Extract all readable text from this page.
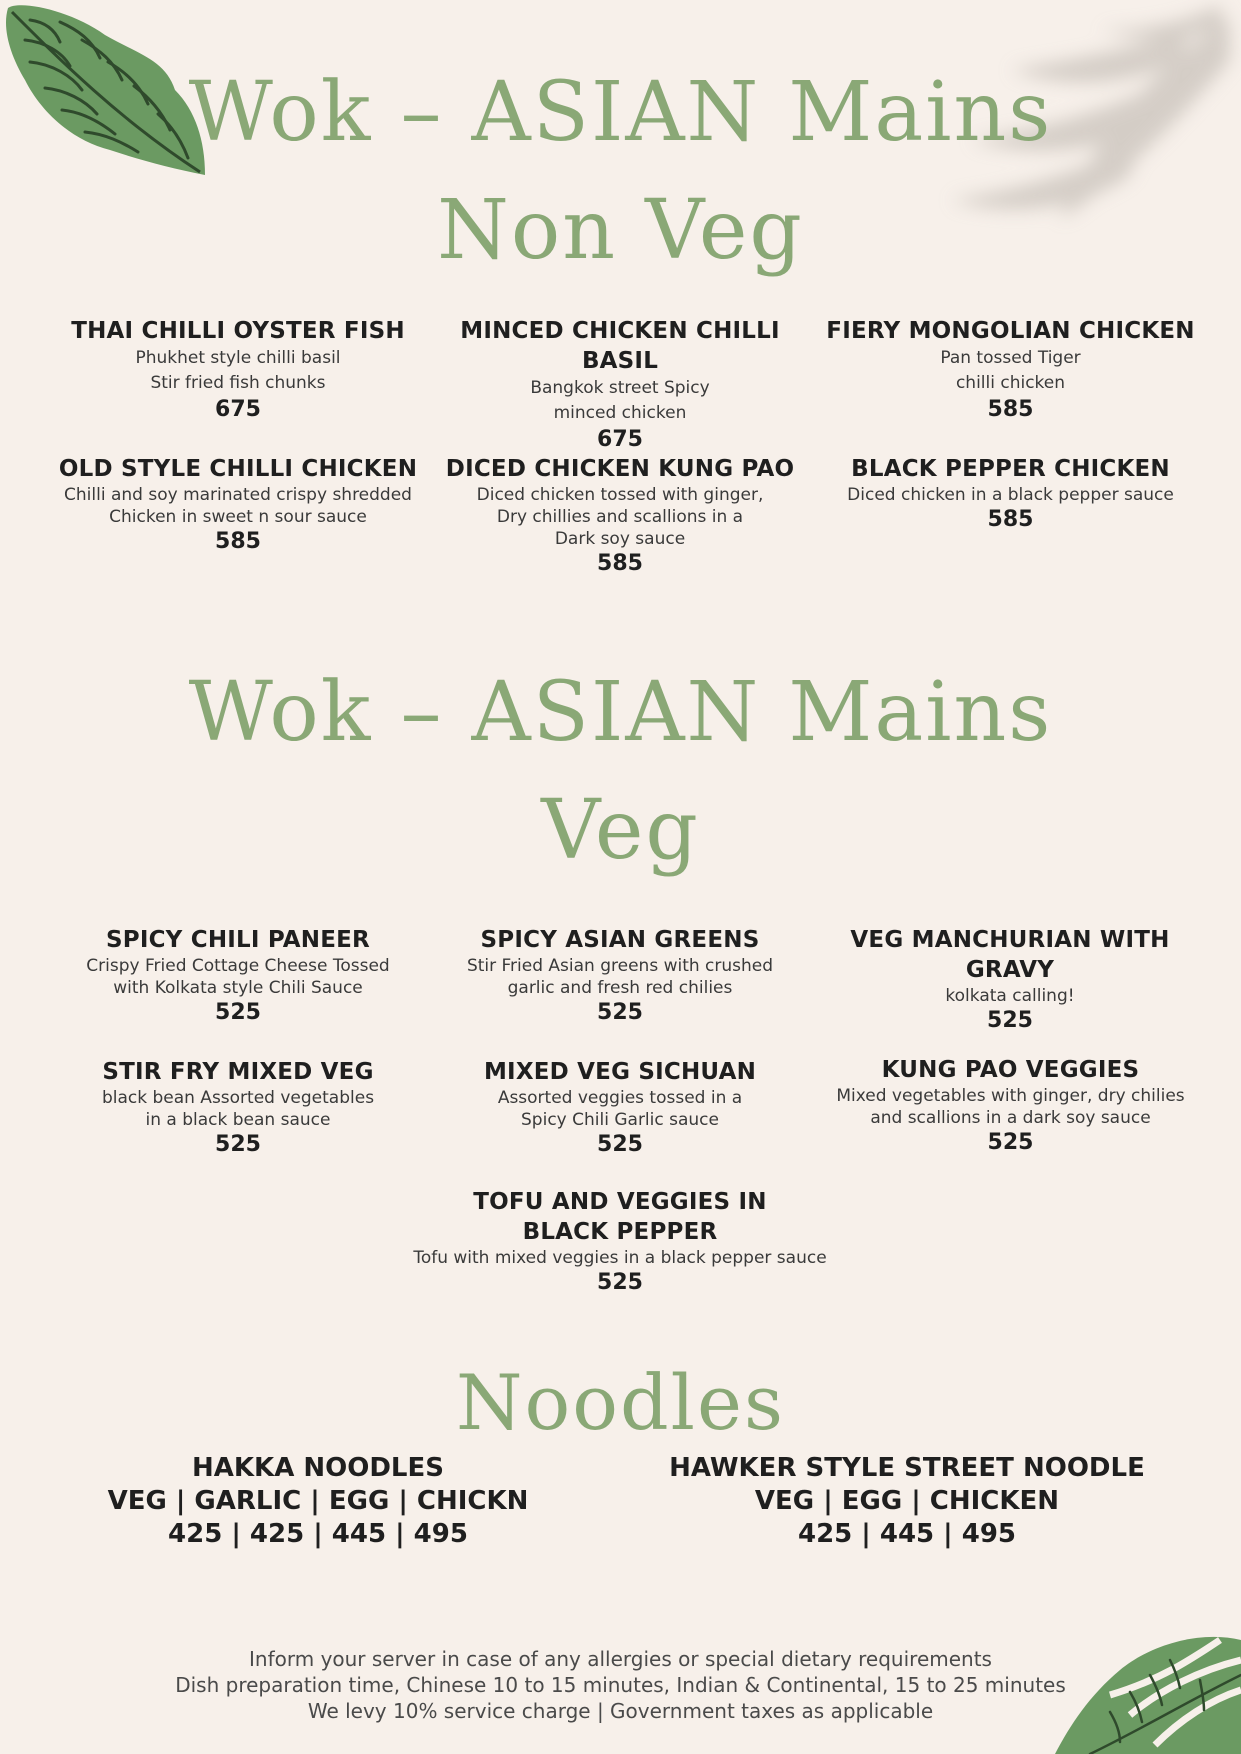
Wok – ASIAN Mains
Non Veg
THAI CHILLI OYSTER FISH
Phukhet style chilli basil
Stir fried fish chunks
675
MINCED CHICKEN CHILLI BASIL
Bangkok street Spicy
minced chicken
675
FIERY MONGOLIAN CHICKEN
Pan tossed Tiger
chilli chicken
585
OLD STYLE CHILLI CHICKEN
Chilli and soy marinated crispy shredded
Chicken in sweet n sour sauce
585
DICED CHICKEN KUNG PAO
Diced chicken tossed with ginger,
Dry chillies and scallions in a
Dark soy sauce
585
BLACK PEPPER CHICKEN
Diced chicken in a black pepper sauce
585
Wok – ASIAN Mains
Veg
SPICY CHILI PANEER
Crispy Fried Cottage Cheese Tossed
with Kolkata style Chili Sauce
525
SPICY ASIAN GREENS
Stir Fried Asian greens with crushed
garlic and fresh red chilies
525
VEG MANCHURIAN WITH GRAVY
kolkata calling!
525
STIR FRY MIXED VEG
black bean Assorted vegetables
in a black bean sauce
525
MIXED VEG SICHUAN
Assorted veggies tossed in a
Spicy Chili Garlic sauce
525
KUNG PAO VEGGIES
Mixed vegetables with ginger, dry chilies
and scallions in a dark soy sauce
525
TOFU AND VEGGIES IN BLACK PEPPER
Tofu with mixed veggies in a black pepper sauce
525
Noodles
HAKKA NOODLES
VEG | GARLIC | EGG | CHICKN
425 | 425 | 445 | 495
HAWKER STYLE STREET NOODLE
VEG | EGG | CHICKEN
425 | 445 | 495
Inform your server in case of any allergies or special dietary requirements
Dish preparation time, Chinese 10 to 15 minutes, Indian & Continental, 15 to 25 minutes
We levy 10% service charge | Government taxes as applicable
